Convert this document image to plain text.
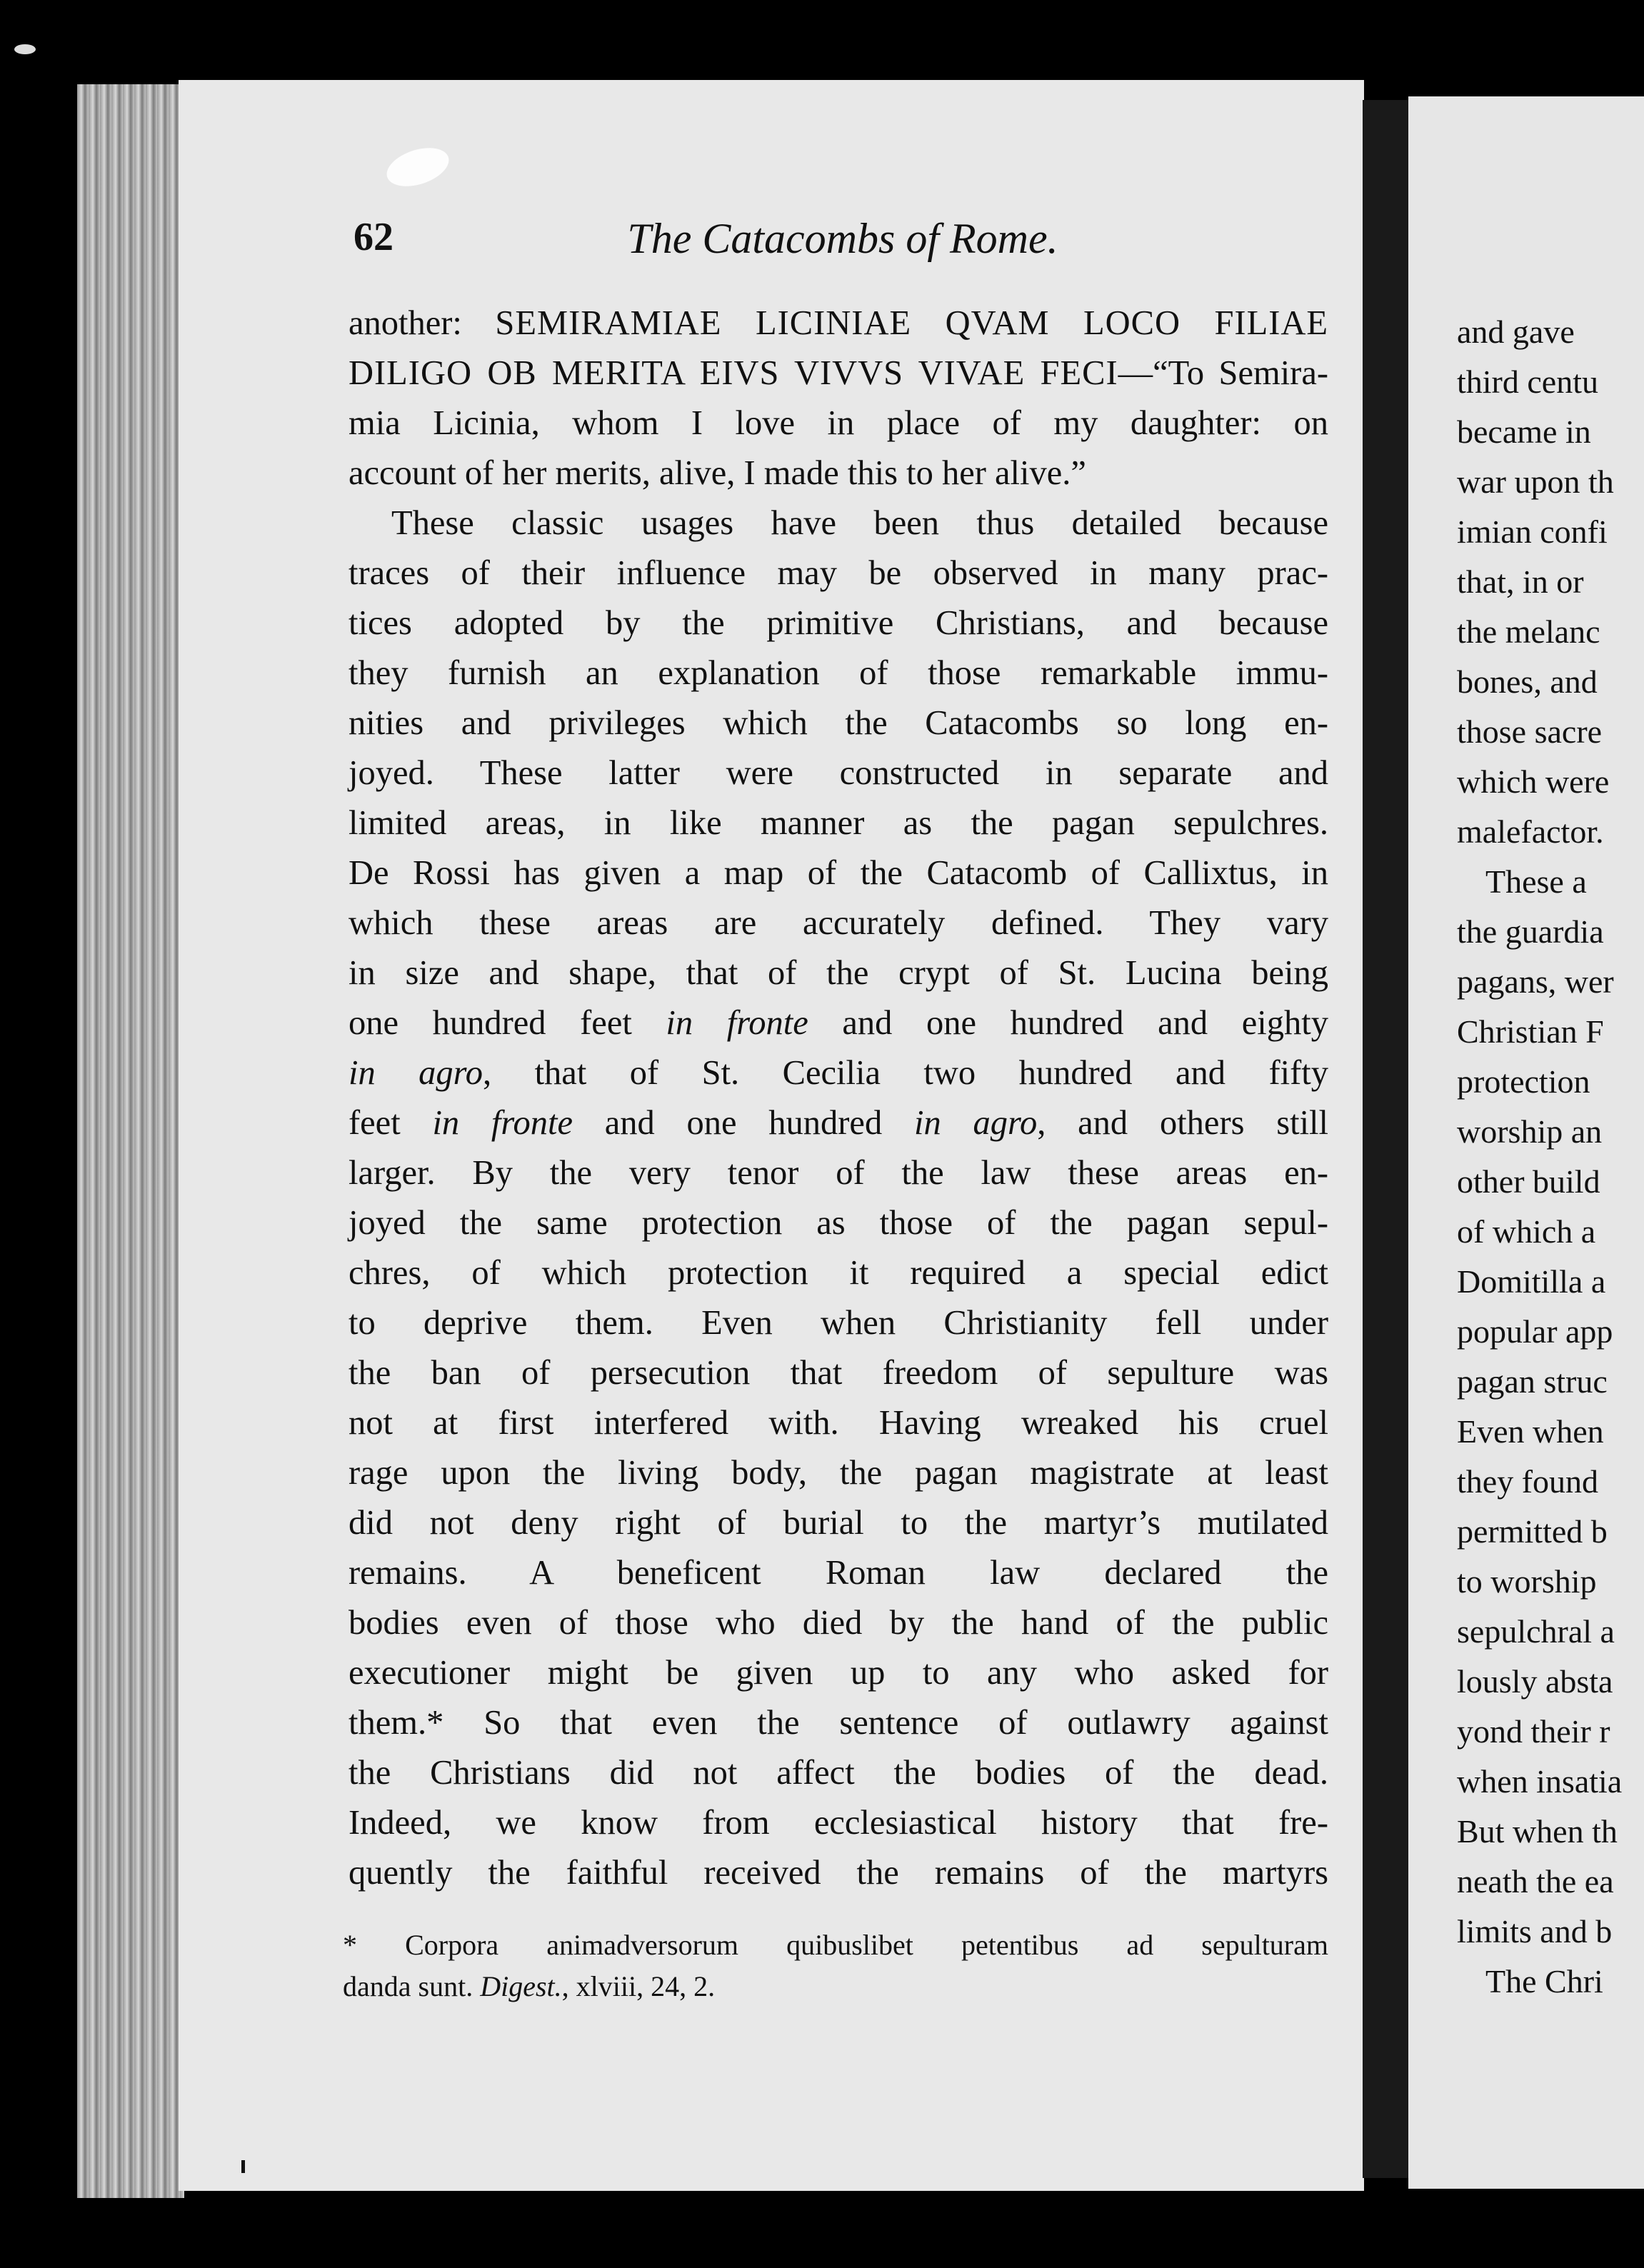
62	The Catacombs of Rome.
another: SEMIRAMIAE LICINIAE QVAM LOCO FILIAE
DILIGO OB MERITA EIVS VIVVS VIVAE FECI—“To Semira-
mia Licinia, whom I love in place of my daughter: on
account of her merits, alive, I made this to her alive.”
These classic usages have been thus detailed because
traces of their influence may be observed in many prac-
tices adopted by the primitive Christians, and because
they furnish an explanation of those remarkable immu-
nities and privileges which the Catacombs so long en-
joyed. These latter were constructed in separate and
limited areas, in like manner as the pagan sepulchres.
De Rossi has given a map of the Catacomb of Callixtus, in
which these areas are accurately defined. They vary
in size and shape, that of the crypt of St. Lucina being
one hundred feet in fronte and one hundred and eighty
in agro, that of St. Cecilia two hundred and fifty
feet in fronte and one hundred in agro, and others still
larger. By the very tenor of the law these areas en-
joyed the same protection as those of the pagan sepul-
chres, of which protection it required a special edict
to deprive them. Even when Christianity fell under
the ban of persecution that freedom of sepulture was
not at first interfered with. Having wreaked his cruel
rage upon the living body, the pagan magistrate at least
did not deny right of burial to the martyr’s mutilated
remains. A beneficent Roman law declared the
bodies even of those who died by the hand of the public
executioner might be given up to any who asked for
them.* So that even the sentence of outlawry against
the Christians did not affect the bodies of the dead.
Indeed, we know from ecclesiastical history that fre-
quently the faithful received the remains of the martyrs
* Corpora animadversorum quibuslibet petentibus ad sepulturam
danda sunt. Digest., xlviii, 24, 2.
and gave
third centu
became in
war upon th
imian confi
that, in or
the melanc
bones, and
those sacre
which were
malefactor.
These a
the guardia
pagans, wer
Christian F
protection
worship an
other build
of which a
Domitilla a
popular app
pagan struc
Even when
they found
permitted b
to worship
sepulchral a
lously absta
yond their r
when insatia
But when th
neath the ea
limits and b
The Chri
